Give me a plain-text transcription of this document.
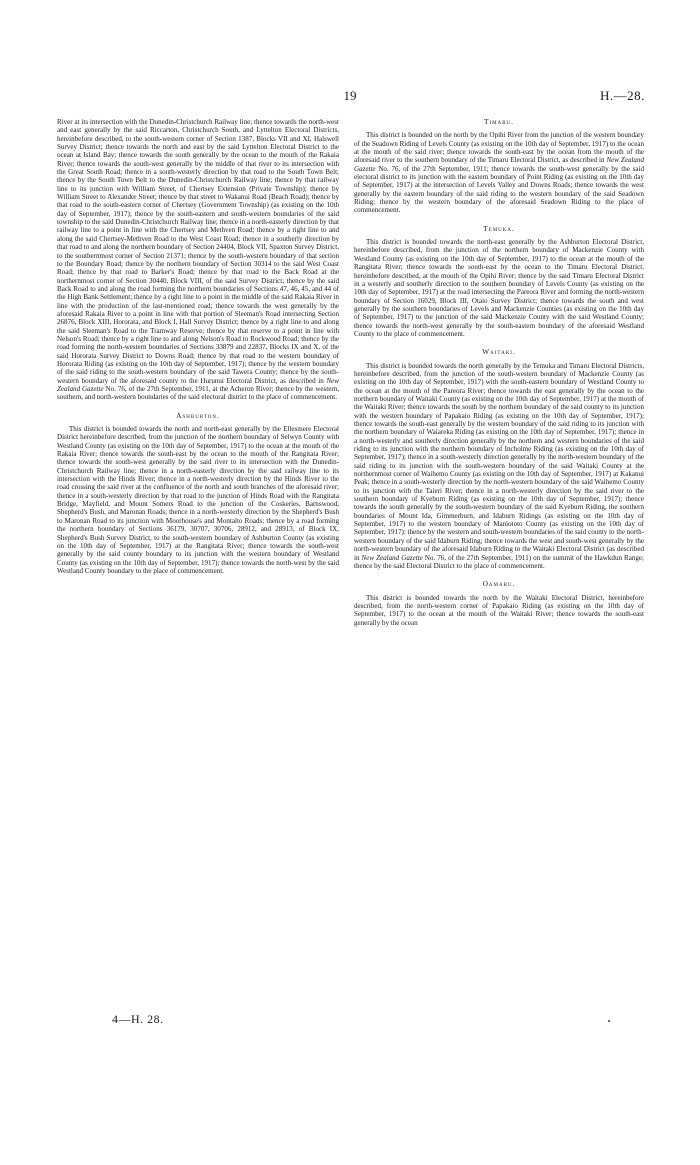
19	H.—28.

River at its intersection with the Dunedin-Christchurch Railway line; thence towards the north-west and east generally by the said Riccarton, Christchurch South, and Lyttelton Electoral Districts, hereinbefore described, to the south-western corner of Section 1387, Blocks VII and XI, Halswell Survey District; thence towards the north and east by the said Lyttelton Electoral District to the ocean at Island Bay; thence towards the south generally by the ocean to the mouth of the Rakaia River; thence towards the south-west generally by the middle of that river to its intersection with the Great South Road; thence in a south-westerly direction by that road to the South Town Belt; thence by the South Town Belt to the Dunedin-Christchurch Railway line; thence by that railway line to its junction with William Street, of Chertsey Extension (Private Township); thence by William Street to Alexander Street; thence by that street to Wakanui Road (Beach Road); thence by that road to the south-eastern corner of Chertsey (Government Township) (as existing on the 10th day of September, 1917); thence by the south-eastern and south-western boundaries of the said township to the said Dunedin-Christchurch Railway line; thence in a north-easterly direction by that railway line to a point in line with the Chertsey and Methven Road; thence by a right line to and along the said Chertsey-Methven Road to the West Coast Road; thence in a southerly direction by that road to and along the northern boundary of Section 24404, Block VII, Spaxton Survey District, to the southernmost corner of Section 21371; thence by the south-western boundary of that section to the Boundary Road; thence by the northern boundary of Section 30314 to the said West Coast Road; thence by that road to Barker's Road; thence by that road to the Back Road at the northernmost corner of Section 30440, Block VIII, of the said Survey District; thence by the said Back Road to and along the road forming the northern boundaries of Sections 47, 46, 45, and 44 of the High Bank Settlement; thence by a right line to a point in the middle of the said Rakaia River in line with the production of the last-mentioned road; thence towards the west generally by the aforesaid Rakaia River to a point in line with that portion of Sleeman's Road intersecting Section 26876, Block XIII, Hororata, and Block I, Hall Survey District; thence by a right line to and along the said Sleeman's Road to the Tramway Reserve; thence by that reserve to a point in line with Nelson's Road; thence by a right line to and along Nelson's Road to Rockwood Road; thence by the road forming the north-western boundaries of Sections 33879 and 22837, Blocks IX and X, of the said Hororata Survey District to Downs Road; thence by that road to the western boundary of Hororata Riding (as existing on the 10th day of September, 1917); thence by the western boundary of the said riding to the south-western boundary of the said Tawera County; thence by the south-western boundary of the aforesaid county to the Hurunui Electoral District, as described in New Zealand Gazette No. 76, of the 27th September, 1911, at the Acheron River; thence by the western, southern, and north-western boundaries of the said electoral district to the place of commencement.

Ashburton.

This district is bounded towards the north and north-east generally by the Ellesmere Electoral District hereinbefore described, from the junction of the northern boundary of Selwyn County with Westland County (as existing on the 10th day of September, 1917) to the ocean at the mouth of the Rakaia River; thence towards the south-east by the ocean to the mouth of the Rangitata River; thence towards the south-west generally by the said river to its intersection with the Dunedin-Christchurch Railway line; thence in a north-easterly direction by the said railway line to its intersection with the Hinds River; thence in a north-westerly direction by the Hinds River to the road crossing the said river at the confluence of the north and south branches of the aforesaid river; thence in a south-westerly direction by that road to the junction of Hinds Road with the Rangitata Bridge, Mayfield, and Mount Somers Road to the junction of the Coskeries, Barnswood, Shepherd's Bush, and Maronan Roads; thence in a north-westerly direction by the Shepherd's Bush to Maronan Road to its junction with Moorhouse's and Montalto Roads; thence by a road forming the northern boundary of Sections 36179, 30707, 30706, 28912, and 28913, of Block IX, Shepherd's Bush Survey District, to the south-western boundary of Ashburton County (as existing on the 10th day of September, 1917) at the Rangitata River; thence towards the south-west generally by the said county boundary to its junction with the western boundary of Westland County (as existing on the 10th day of September, 1917); thence towards the north-west by the said Westland County boundary to the place of commencement.

Timaru.

This district is bounded on the north by the Opihi River from the junction of the western boundary of the Seadown Riding of Levels County (as existing on the 10th day of September, 1917) to the ocean at the mouth of the said river; thence towards the south-east by the ocean from the mouth of the aforesaid river to the southern boundary of the Timaru Electoral District, as described in New Zealand Gazette No. 76, of the 27th September, 1911; thence towards the south-west generally by the said electoral district to its junction with the eastern boundary of Point Riding (as existing on the 10th day of September, 1917) at the intersection of Levels Valley and Downs Roads; thence towards the west generally by the eastern boundary of the said riding to the western boundary of the said Seadown Riding; thence by the western boundary of the aforesaid Seadown Riding to the place of commencement.

Temuka.

This district is bounded towards the north-east generally by the Ashburton Electoral District, hereinbefore described, from the junction of the northern boundary of Mackenzie County with Westland County (as existing on the 10th day of September, 1917) to the ocean at the mouth of the Rangitata River; thence towards the south-east by the ocean to the Timaru Electoral District, hereinbefore described, at the mouth of the Opihi River; thence by the said Timaru Electoral District in a westerly and southerly direction to the southern boundary of Levels County (as existing on the 10th day of September, 1917) at the road intersecting the Pareora River and forming the north-western boundary of Section 16029, Block III, Otaio Survey District; thence towards the south and west generally by the southern boundaries of Levels and Mackenzie Counties (as existing on the 10th day of September, 1917) to the junction of the said Mackenzie County with the said Westland County; thence towards the north-west generally by the south-eastern boundary of the aforesaid Westland County to the place of commencement.

Waitaki.

This district is bounded towards the north generally by the Temuka and Timaru Electoral Districts, hereinbefore described, from the junction of the south-western boundary of Mackenzie County (as existing on the 10th day of September, 1917) with the south-eastern boundary of Westland County to the ocean at the mouth of the Pareora River; thence towards the east generally by the ocean to the northern boundary of Waitaki County (as existing on the 10th day of September, 1917) at the mouth of the Waitaki River; thence towards the south by the northern boundary of the said county to its junction with the western boundary of Papakaio Riding (as existing on the 10th day of September, 1917); thence towards the south-east generally by the western boundary of the said riding to its junction with the northern boundary of Waiareka Riding (as existing on the 10th day of September, 1917); thence in a north-westerly and southerly direction generally by the northern and western boundaries of the said riding to its junction with the northern boundary of Incholme Riding (as existing on the 10th day of September, 1917); thence in a south-westerly direction generally by the north-western boundary of the said riding to its junction with the south-western boundary of the said Waitaki County at the northernmost corner of Waihemo County (as existing on the 10th day of September, 1917) at Kakanui Peak; thence in a south-westerly direction by the north-western boundary of the said Waihemo County to its junction with the Taieri River; thence in a north-westerly direction by the said river to the southern boundary of Kyeburn Riding (as existing on the 10th day of September, 1917); thence towards the south generally by the south-western boundary of the said Kyeburn Riding, the southern boundaries of Mount Ida, Gimmerburn, and Idaburn Ridings (as existing on the 10th day of September, 1917) to the western boundary of Maniototo County (as existing on the 10th day of September, 1917); thence by the western and south-western boundaries of the said county to the north-western boundary of the said Idaburn Riding; thence towards the west and south-west generally by the north-western boundary of the aforesaid Idaburn Riding to the Waitaki Electoral District (as described in New Zealand Gazette No. 76, of the 27th September, 1911) on the summit of the Hawkdun Range; thence by the said Electoral District to the place of commencement.

Oamaru.

This district is bounded towards the north by the Waitaki Electoral District, hereinbefore described, from the north-western corner of Papakaio Riding (as existing on the 10th day of September, 1917) to the ocean at the mouth of the Waitaki River; thence towards the south-east generally by the ocean

4—H. 28.
